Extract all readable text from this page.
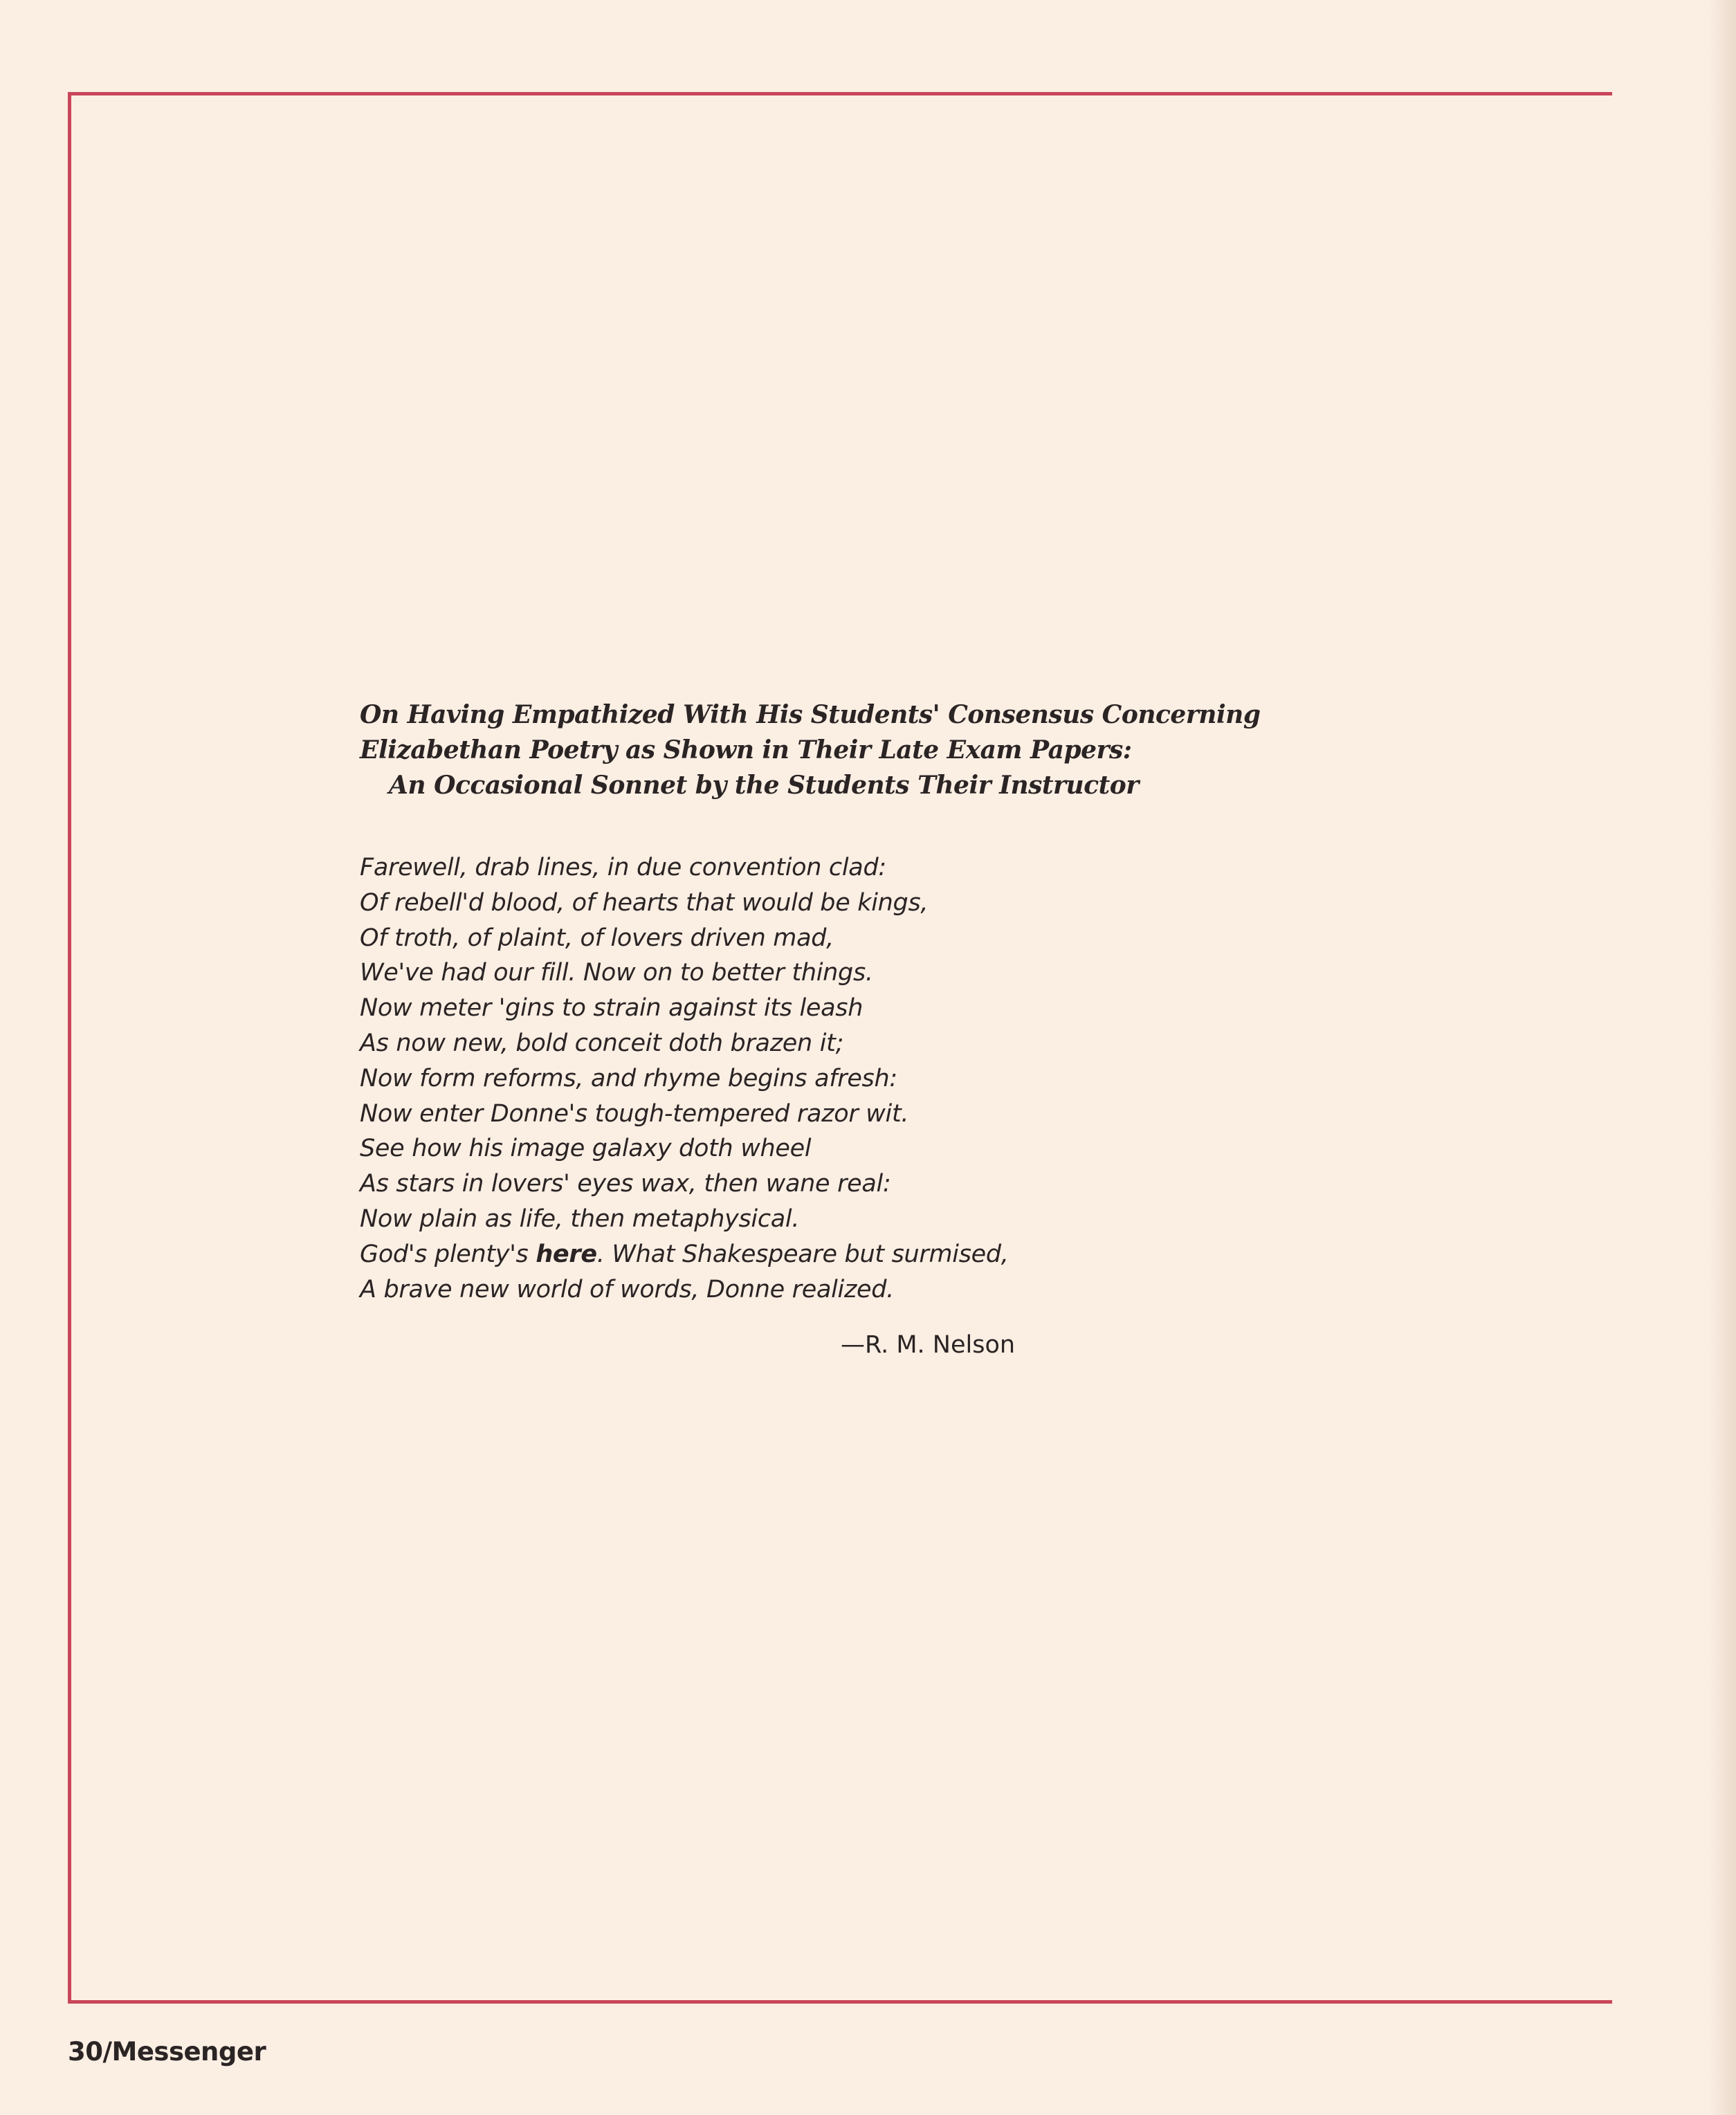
On Having Empathized With His Students' Consensus Concerning
Elizabethan Poetry as Shown in Their Late Exam Papers:
An Occasional Sonnet by the Students Their Instructor
Farewell, drab lines, in due convention clad:
Of rebell'd blood, of hearts that would be kings,
Of troth, of plaint, of lovers driven mad,
We've had our fill. Now on to better things.
Now meter 'gins to strain against its leash
As now new, bold conceit doth brazen it;
Now form reforms, and rhyme begins afresh:
Now enter Donne's tough-tempered razor wit.
See how his image galaxy doth wheel
As stars in lovers' eyes wax, then wane real:
Now plain as life, then metaphysical.
God's plenty's here. What Shakespeare but surmised,
A brave new world of words, Donne realized.
—R. M. Nelson
30/Messenger
